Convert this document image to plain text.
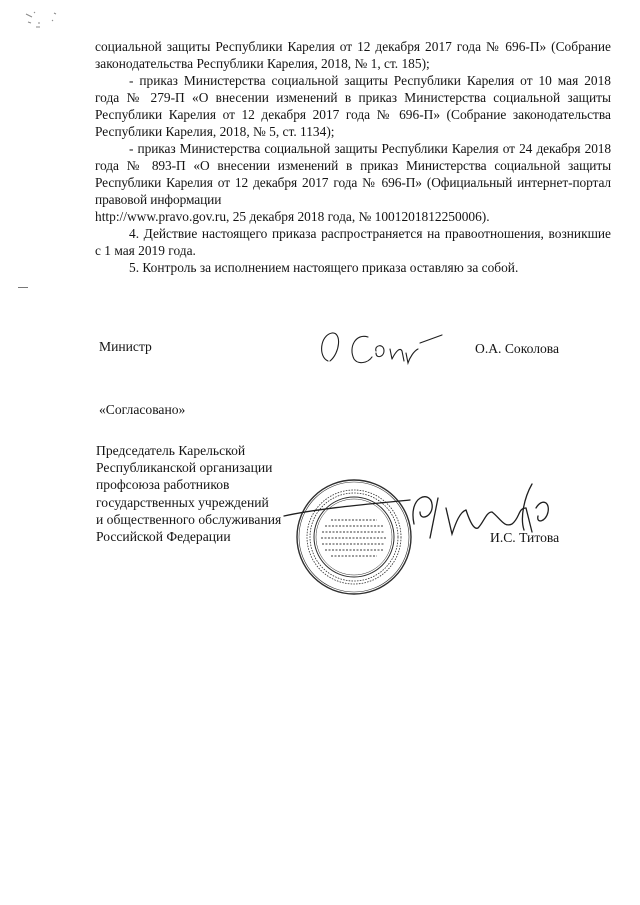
социальной защиты Республики Карелия от 12 декабря 2017 года № 696-П» (Собрание законодательства Республики Карелия, 2018, № 1, ст. 185);

- приказ Министерства социальной защиты Республики Карелия от 10 мая 2018 года № 279-П «О внесении изменений в приказ Министерства социальной защиты Республики Карелия от 12 декабря 2017 года № 696-П» (Собрание законодательства Республики Карелия, 2018, № 5, ст. 1134);

- приказ Министерства социальной защиты Республики Карелия от 24 декабря 2018 года № 893-П «О внесении изменений в приказ Министерства социальной защиты Республики Карелия от 12 декабря 2017 года № 696-П» (Официальный интернет-портал правовой информации

http://www.pravo.gov.ru, 25 декабря 2018 года, № 1001201812250006).

4. Действие настоящего приказа распространяется на правоотношения, возникшие с 1 мая 2019 года.

5. Контроль за исполнением настоящего приказа оставляю за собой.

Министр	О.А. Соколова
«Согласовано»
Председатель Карельской
Республиканской организации
профсоюза работников
государственных учреждений
и общественного обслуживания
Российской Федерации	И.С. Титова
